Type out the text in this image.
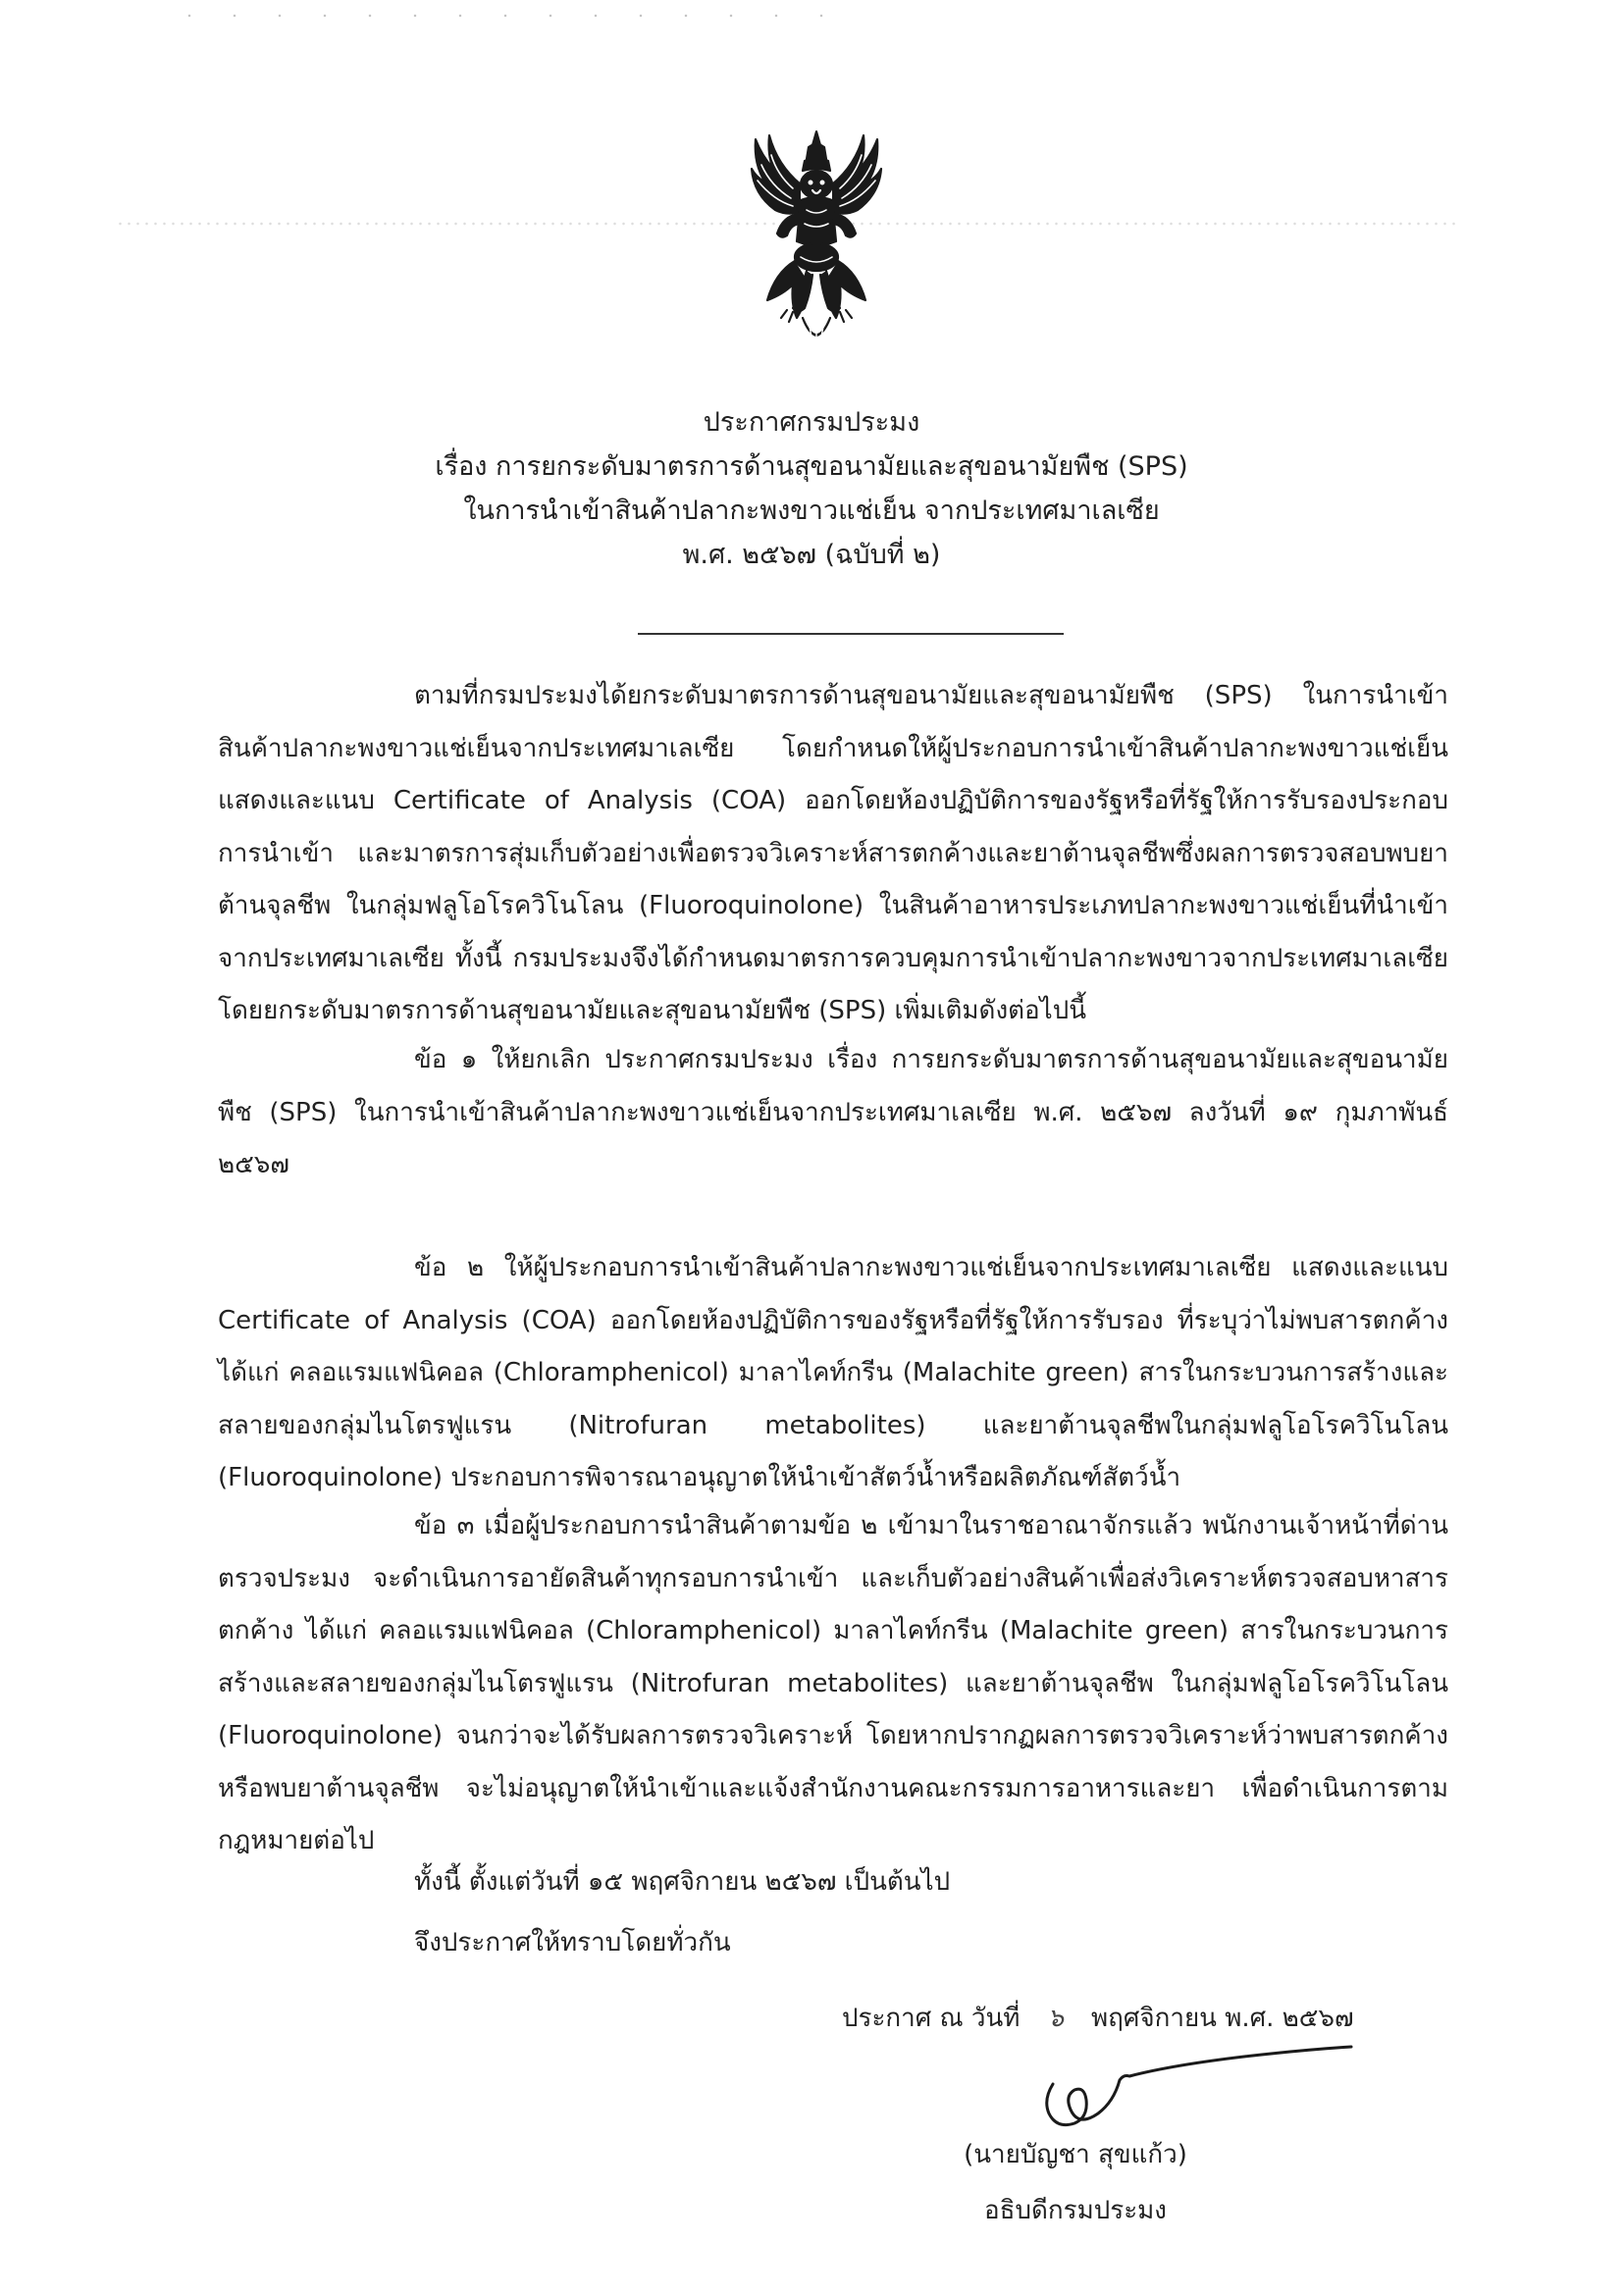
ประกาศกรมประมง
เรื่อง การยกระดับมาตรการด้านสุขอนามัยและสุขอนามัยพืช (SPS)
ในการนำเข้าสินค้าปลากะพงขาวแช่เย็น จากประเทศมาเลเซีย
พ.ศ. ๒๕๖๗ (ฉบับที่ ๒)
ตามที่กรมประมงได้ยกระดับมาตรการด้านสุขอนามัยและสุขอนามัยพืช (SPS) ในการนำเข้าสินค้าปลากะพงขาวแช่เย็นจากประเทศมาเลเซีย โดยกำหนดให้ผู้ประกอบการนำเข้าสินค้าปลากะพงขาวแช่เย็นแสดงและแนบ Certificate of Analysis (COA) ออกโดยห้องปฏิบัติการของรัฐหรือที่รัฐให้การรับรองประกอบการนำเข้า และมาตรการสุ่มเก็บตัวอย่างเพื่อตรวจวิเคราะห์สารตกค้างและยาต้านจุลชีพซึ่งผลการตรวจสอบพบยาต้านจุลชีพ ในกลุ่มฟลูโอโรควิโนโลน (Fluoroquinolone) ในสินค้าอาหารประเภทปลากะพงขาวแช่เย็นที่นำเข้าจากประเทศมาเลเซีย ทั้งนี้ กรมประมงจึงได้กำหนดมาตรการควบคุมการนำเข้าปลากะพงขาวจากประเทศมาเลเซีย โดยยกระดับมาตรการด้านสุขอนามัยและสุขอนามัยพืช (SPS) เพิ่มเติมดังต่อไปนี้
ข้อ ๑ ให้ยกเลิก ประกาศกรมประมง เรื่อง การยกระดับมาตรการด้านสุขอนามัยและสุขอนามัยพืช (SPS) ในการนำเข้าสินค้าปลากะพงขาวแช่เย็นจากประเทศมาเลเซีย พ.ศ. ๒๕๖๗ ลงวันที่ ๑๙ กุมภาพันธ์ ๒๕๖๗
ข้อ ๒ ให้ผู้ประกอบการนำเข้าสินค้าปลากะพงขาวแช่เย็นจากประเทศมาเลเซีย แสดงและแนบ Certificate of Analysis (COA) ออกโดยห้องปฏิบัติการของรัฐหรือที่รัฐให้การรับรอง ที่ระบุว่าไม่พบสารตกค้าง ได้แก่ คลอแรมแฟนิคอล (Chloramphenicol) มาลาไคท์กรีน (Malachite green) สารในกระบวนการสร้างและสลายของกลุ่มไนโตรฟูแรน (Nitrofuran metabolites) และยาต้านจุลชีพในกลุ่มฟลูโอโรควิโนโลน (Fluoroquinolone) ประกอบการพิจารณาอนุญาตให้นำเข้าสัตว์น้ำหรือผลิตภัณฑ์สัตว์น้ำ
ข้อ ๓ เมื่อผู้ประกอบการนำสินค้าตามข้อ ๒ เข้ามาในราชอาณาจักรแล้ว พนักงานเจ้าหน้าที่ด่านตรวจประมง จะดำเนินการอายัดสินค้าทุกรอบการนำเข้า และเก็บตัวอย่างสินค้าเพื่อส่งวิเคราะห์ตรวจสอบหาสารตกค้าง ได้แก่ คลอแรมแฟนิคอล (Chloramphenicol) มาลาไคท์กรีน (Malachite green) สารในกระบวนการสร้างและสลายของกลุ่มไนโตรฟูแรน (Nitrofuran metabolites) และยาต้านจุลชีพ ในกลุ่มฟลูโอโรควิโนโลน (Fluoroquinolone) จนกว่าจะได้รับผลการตรวจวิเคราะห์ โดยหากปรากฏผลการตรวจวิเคราะห์ว่าพบสารตกค้างหรือพบยาต้านจุลชีพ จะไม่อนุญาตให้นำเข้าและแจ้งสำนักงานคณะกรรมการอาหารและยา เพื่อดำเนินการตามกฎหมายต่อไป
ทั้งนี้ ตั้งแต่วันที่ ๑๕ พฤศจิกายน ๒๕๖๗ เป็นต้นไป
จึงประกาศให้ทราบโดยทั่วกัน
ประกาศ ณ วันที่ ๖ พฤศจิกายน พ.ศ. ๒๕๖๗
(นายบัญชา สุขแก้ว)
อธิบดีกรมประมง
